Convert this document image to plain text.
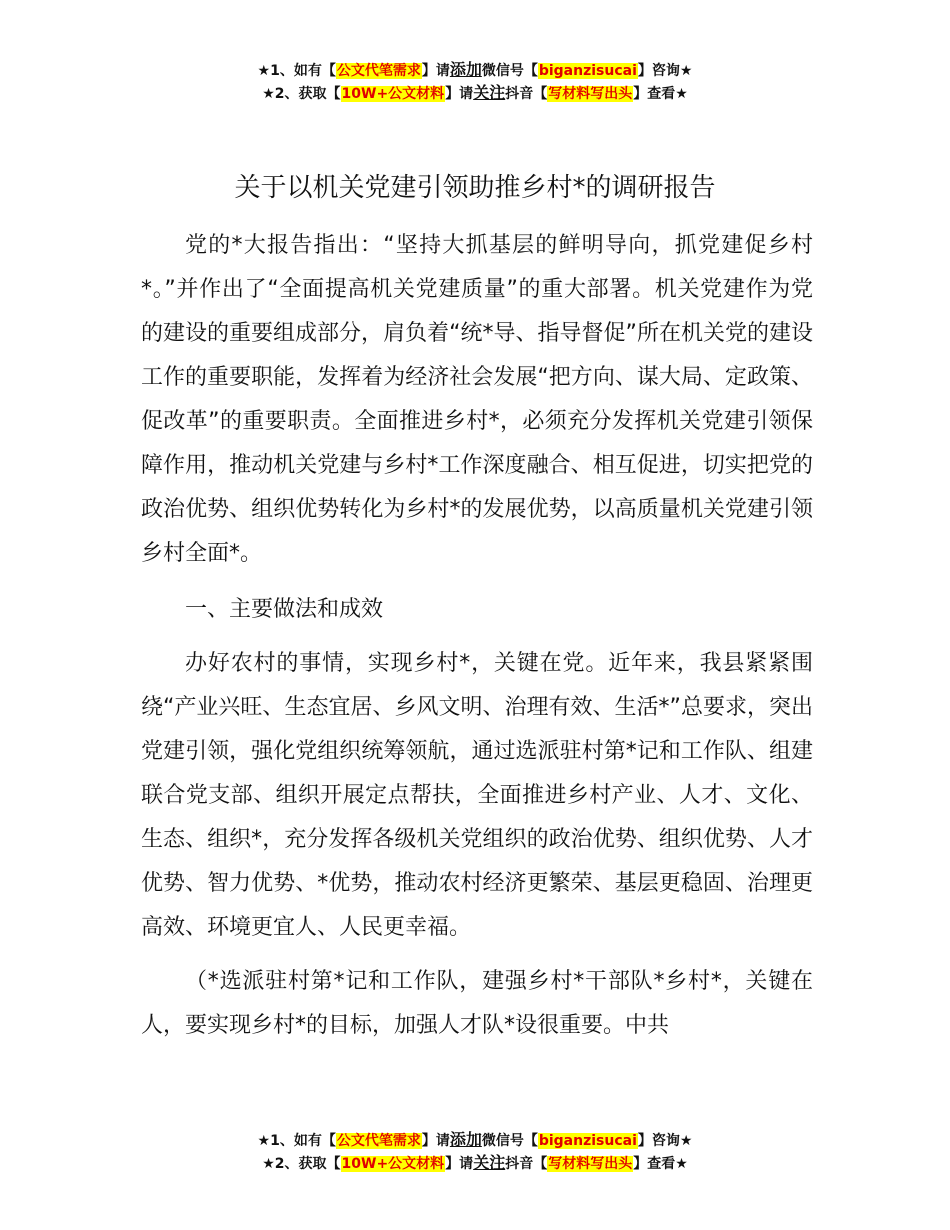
★1、如有【公文代笔需求】请添加微信号【biganzisucai】咨询★
★2、获取【10W+公文材料】请关注抖音【写材料写出头】查看★
关于以机关党建引领助推乡村*的调研报告

党的*大报告指出：“坚持大抓基层的鲜明导向，抓党建促乡村*。”并作出了“全面提高机关党建质量”的重大部署。机关党建作为党的建设的重要组成部分，肩负着“统*导、指导督促”所在机关党的建设工作的重要职能，发挥着为经济社会发展“把方向、谋大局、定政策、促改革”的重要职责。全面推进乡村*，必须充分发挥机关党建引领保障作用，推动机关党建与乡村*工作深度融合、相互促进，切实把党的政治优势、组织优势转化为乡村*的发展优势，以高质量机关党建引领乡村全面*。

一、主要做法和成效

办好农村的事情，实现乡村*，关键在党。近年来，我县紧紧围绕“产业兴旺、生态宜居、乡风文明、治理有效、生活*”总要求，突出党建引领，强化党组织统筹领航，通过选派驻村第*记和工作队、组建联合党支部、组织开展定点帮扶，全面推进乡村产业、人才、文化、生态、组织*，充分发挥各级机关党组织的政治优势、组织优势、人才优势、智力优势、*优势，推动农村经济更繁荣、基层更稳固、治理更高效、环境更宜人、人民更幸福。

（*选派驻村第*记和工作队，建强乡村*干部队*乡村*，关键在人，要实现乡村*的目标，加强人才队*设很重要。中共

★1、如有【公文代笔需求】请添加微信号【biganzisucai】咨询★
★2、获取【10W+公文材料】请关注抖音【写材料写出头】查看★
